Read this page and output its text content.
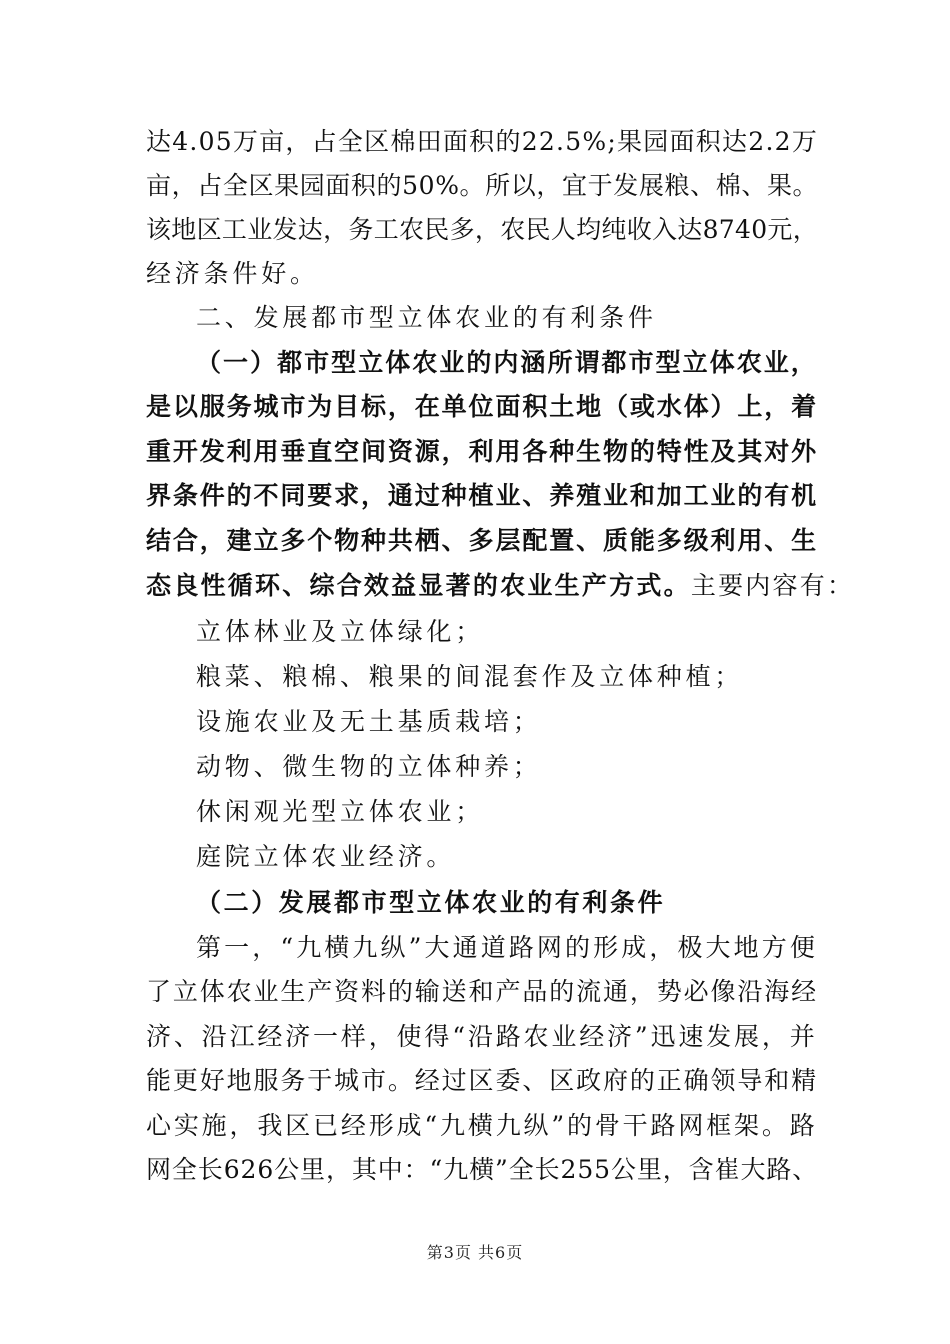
达4.05万亩，占全区棉田面积的22.5%;果园面积达2.2万
亩，占全区果园面积的50%。所以，宜于发展粮、棉、果。
该地区工业发达，务工农民多，农民人均纯收入达8740元，
经济条件好。
二、发展都市型立体农业的有利条件
（一）都市型立体农业的内涵所谓都市型立体农业，
是以服务城市为目标，在单位面积土地（或水体）上，着
重开发利用垂直空间资源，利用各种生物的特性及其对外
界条件的不同要求，通过种植业、养殖业和加工业的有机
结合，建立多个物种共栖、多层配置、质能多级利用、生
态良性循环、综合效益显著的农业生产方式。主要内容有：
立体林业及立体绿化；
粮菜、粮棉、粮果的间混套作及立体种植；
设施农业及无土基质栽培；
动物、微生物的立体种养；
休闲观光型立体农业；
庭院立体农业经济。
（二）发展都市型立体农业的有利条件
第一，“九横九纵”大通道路网的形成，极大地方便
了立体农业生产资料的输送和产品的流通，势必像沿海经
济、沿江经济一样，使得“沿路农业经济”迅速发展，并
能更好地服务于城市。经过区委、区政府的正确领导和精
心实施，我区已经形成“九横九纵”的骨干路网框架。路
网全长626公里，其中：“九横”全长255公里，含崔大路、
第3页 共6页
